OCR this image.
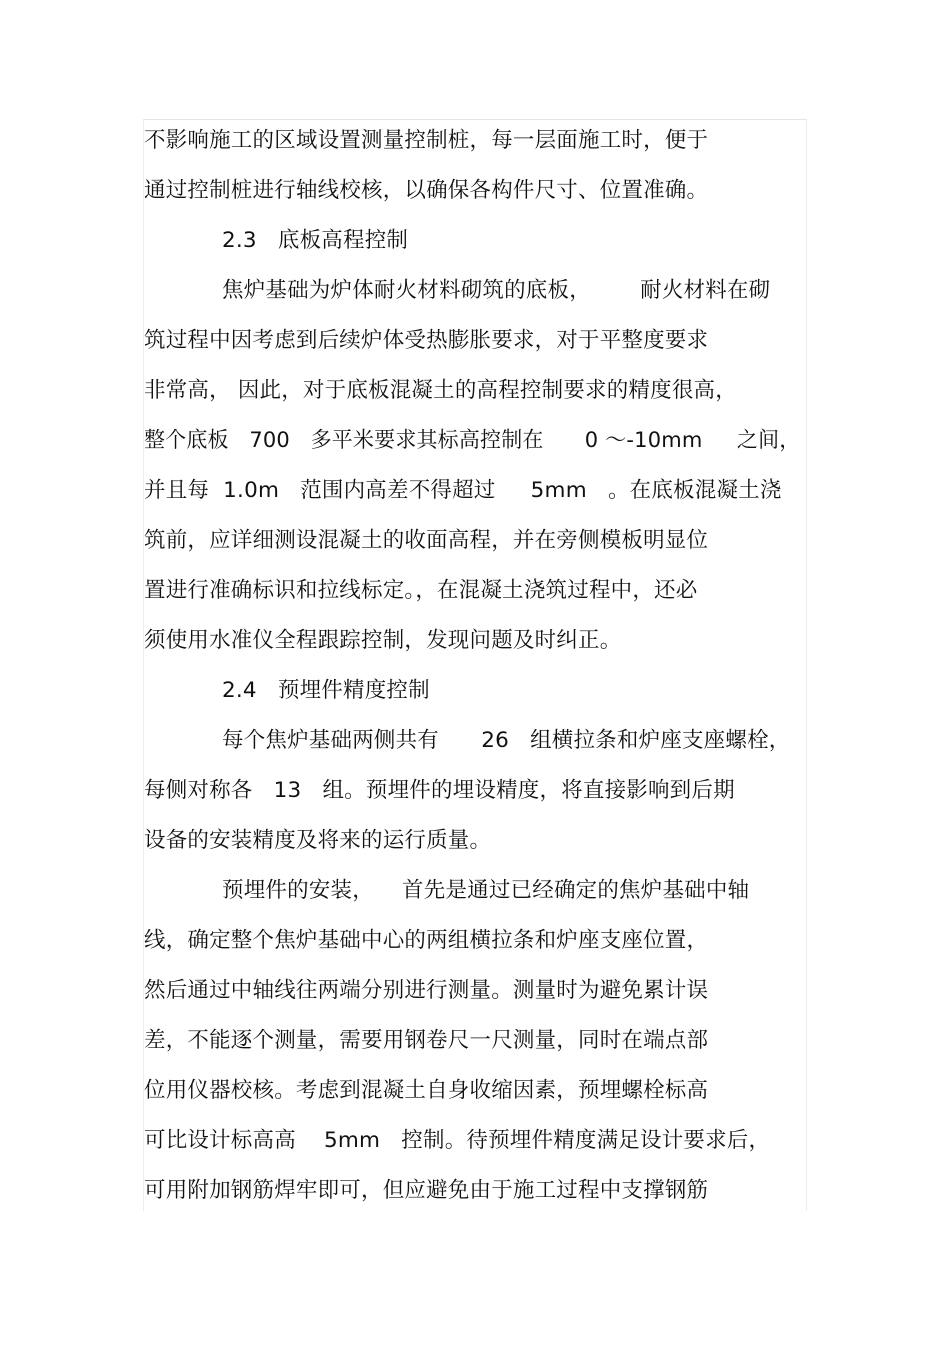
不影响施工的区域设置测量控制桩，每一层面施工时，便于
通过控制桩进行轴线校核，以确保各构件尺寸、位置准确。
2.3   底板高程控制
焦炉基础为炉体耐火材料砌筑的底板，       耐火材料在砌
筑过程中因考虑到后续炉体受热膨胀要求，对于平整度要求
非常高， 因此，对于底板混凝土的高程控制要求的精度很高，
整个底板   700   多平米要求其标高控制在      0 ～-10mm     之间，
并且每  1.0m   范围内高差不得超过     5mm   。在底板混凝土浇
筑前，应详细测设混凝土的收面高程，并在旁侧模板明显位
置进行准确标识和拉线标定。，在混凝土浇筑过程中，还必
须使用水准仪全程跟踪控制，发现问题及时纠正。
2.4   预埋件精度控制
每个焦炉基础两侧共有      26   组横拉条和炉座支座螺栓，
每侧对称各   13   组。预埋件的埋设精度，将直接影响到后期
设备的安装精度及将来的运行质量。
预埋件的安装，    首先是通过已经确定的焦炉基础中轴
线，确定整个焦炉基础中心的两组横拉条和炉座支座位置，
然后通过中轴线往两端分别进行测量。测量时为避免累计误
差，不能逐个测量，需要用钢卷尺一尺测量，同时在端点部
位用仪器校核。考虑到混凝土自身收缩因素，预埋螺栓标高
可比设计标高高    5mm   控制。待预埋件精度满足设计要求后，
可用附加钢筋焊牢即可，但应避免由于施工过程中支撑钢筋
